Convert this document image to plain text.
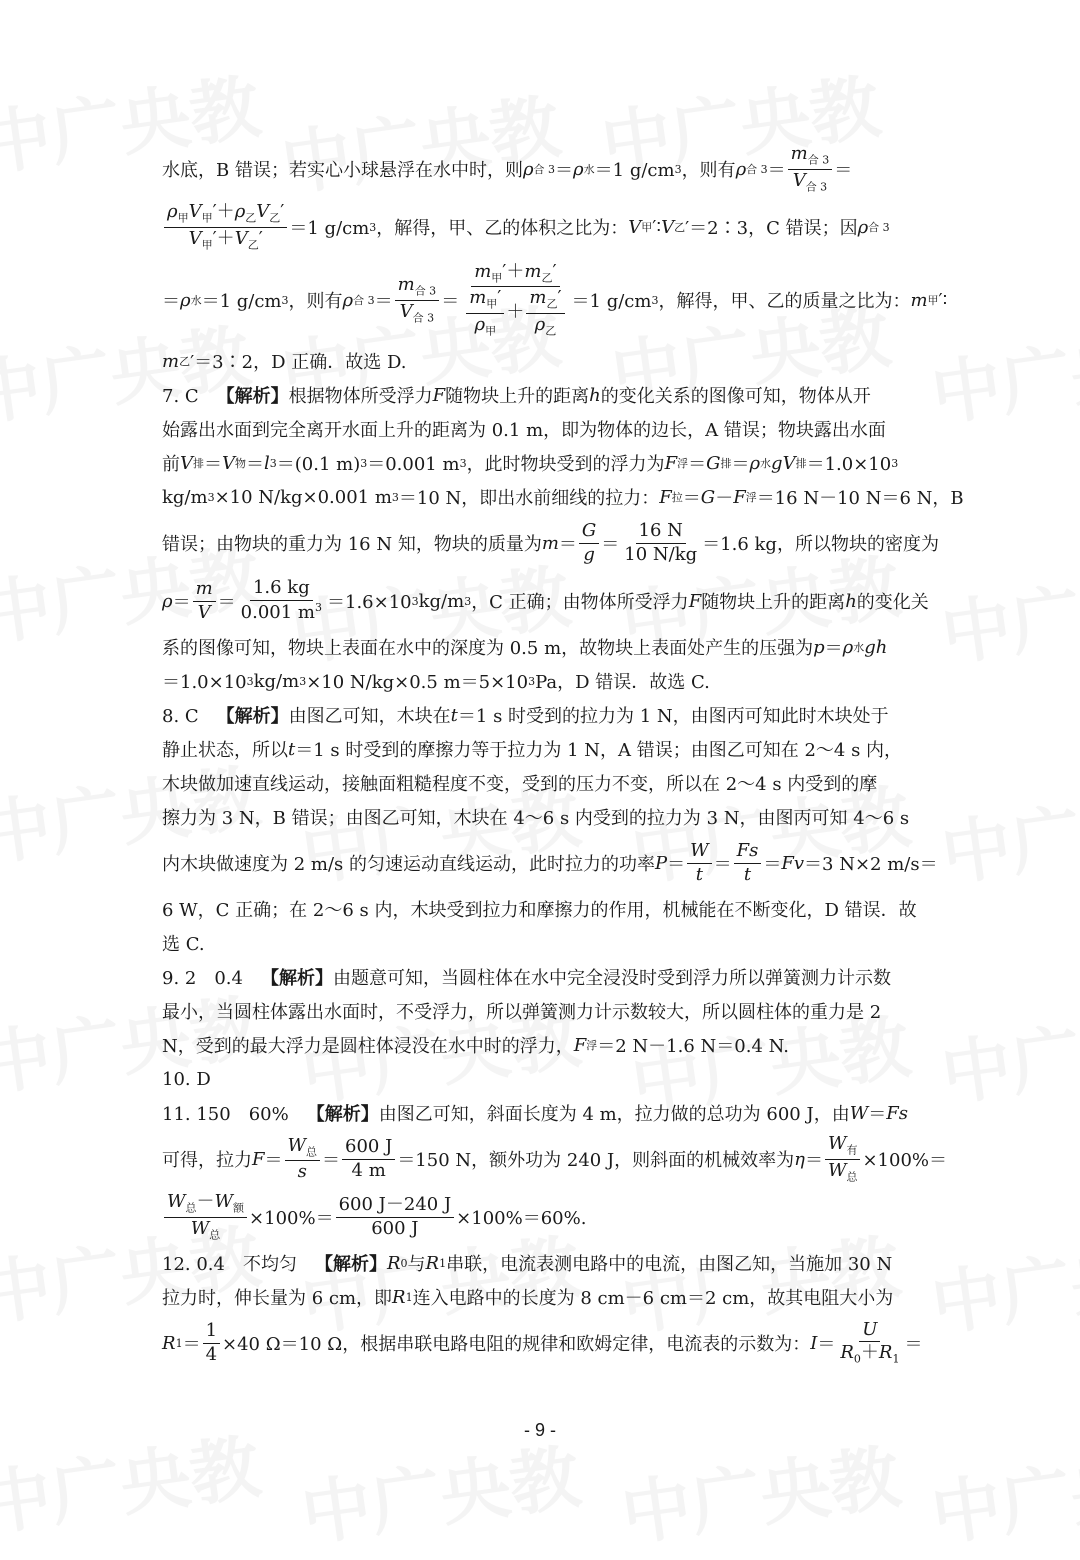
水底，B 错误；若实心小球悬浮在水中时，则 ρ 合 3 ＝ ρ 水 ＝1 g/cm 3 ，则有 ρ 合 $3 = \frac{m_{合 3}}{V_{合 3}}$ ＝
$\frac{\rho_甲V_甲'+\rho_乙V_乙'}{V_甲'+V_乙'} =1$ g/cm 3 ，解得，甲、乙的体积之比为： V 甲 ′∶ V 乙 ′＝2∶3，C 错误；因 ρ 合 3
＝ ρ 水 ＝1 g/cm 3 ，则有 ρ 合 $3 = \frac{m_{合 3}}{V_{合 3}} = \frac{m_甲'+m_乙'}{\frac{m_甲'}{\rho_甲} + \frac{m_乙'}{\rho_乙}} =1$ g/cm 3 ，解得，甲、乙的质量之比为： m 甲 ′∶
m 乙 ′＝3∶2，D 正确．故选 D.
7. C　 【解析】 根据物体所受浮力 F 随物块上升的距离 h 的变化关系的图像可知，物体从开
始露出水面到完全离开水面上升的距离为 0.1 m，即为物体的边长，A 错误；物块露出水面
前 V 排 ＝ V 物 ＝ l 3 ＝(0.1 m) 3 ＝0.001 m 3 ，此时物块受到的浮力为 F 浮 ＝ G 排 ＝ ρ 水 gV 排 ＝1.0×10 3
kg/m 3 ×10 N/kg×0.001 m 3 ＝10 N，即出水前细线的拉力： F 拉 ＝ G － F 浮 ＝16 N－10 N＝6 N，B
错误；由物块的重力为 16 N 知，物块的质量为 $m = \frac{G}{g} = \frac{16 N}{10 N/kg} =1.6$ kg，所以物块的密度为
$\rho = \frac{m}{V} = \frac{1.6 kg}{0.001 m^3} =1.6\times 10$ 3 kg/m 3 ，C 正确；由物体所受浮力 F 随物块上升的距离 h 的变化关
系的图像可知，物块上表面在水中的深度为 0.5 m，故物块上表面处产生的压强为 p ＝ ρ 水 gh
＝1.0×10 3 kg/m 3 ×10 N/kg×0.5 m＝5×10 3 Pa，D 错误．故选 C.
8. C　 【解析】 由图乙可知，木块在 t ＝1 s 时受到的拉力为 1 N，由图丙可知此时木块处于
静止状态，所以 t ＝1 s 时受到的摩擦力等于拉力为 1 N，A 错误；由图乙可知在 2～4 s 内，
木块做加速直线运动，接触面粗糙程度不变，受到的压力不变，所以在 2～4 s 内受到的摩
擦力为 3 N，B 错误；由图乙可知，木块在 4～6 s 内受到的拉力为 3 N，由图丙可知 4～6 s
内木块做速度为 2 m/s 的匀速运动直线运动，此时拉力的功率 $P = \frac{W}{t} = \frac{Fs}{t} = Fv =3$ N×2 m/s＝
6 W，C 正确；在 2～6 s 内，木块受到拉力和摩擦力的作用，机械能在不断变化，D 错误．故
选 C.
9. 2　0.4　 【解析】 由题意可知，当圆柱体在水中完全浸没时受到浮力所以弹簧测力计示数
最小，当圆柱体露出水面时，不受浮力，所以弹簧测力计示数较大，所以圆柱体的重力是 2
N，受到的最大浮力是圆柱体浸没在水中时的浮力， F 浮 ＝2 N－1.6 N＝0.4 N.
10. D
11. 150　60%　 【解析】 由图乙可知，斜面长度为 4 m，拉力做的总功为 600 J，由 W ＝ Fs
可得，拉力 $F = \frac{W_总}{s} = \frac{600 J}{4 m} =150$ N，额外功为 240 J，则斜面的机械效率为 $\eta = \frac{W_有}{W_总} \times 100\%=$
$\frac{W_总-W_额}{W_总} \times 100\%= \frac{600 J-240 J}{600 J} \times 100\%=60\%$.
12. 0.4　不均匀　 【解析】 R 0 与 R 1 串联，电流表测电路中的电流，由图乙知，当施加 30 N
拉力时，伸长量为 6 cm，即 R 1 连入电路中的长度为 8 cm－6 cm＝2 cm，故其电阻大小为
R $1 = \frac{1}{4} \times 40$ Ω＝10 Ω，根据串联电路电阻的规律和欧姆定律，电流表的示数为： $I = \frac{U}{R_0+R_1}$ ＝
- 9 -
